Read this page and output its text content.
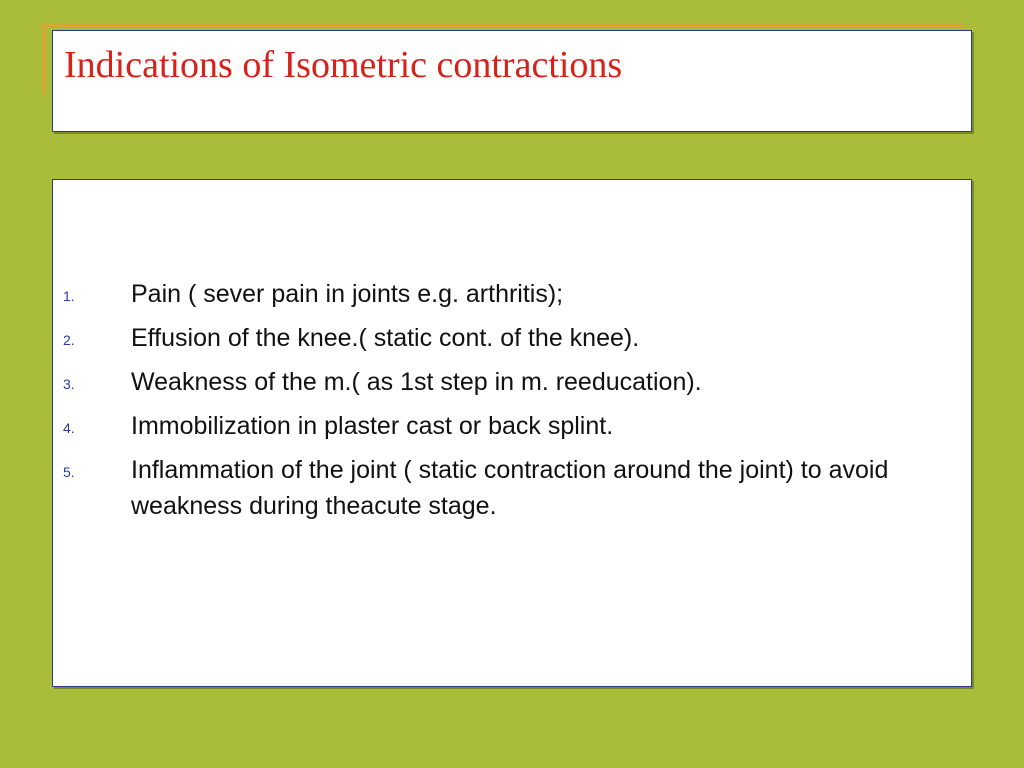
Indications of Isometric contractions
1. Pain ( sever pain in joints e.g. arthritis);
2. Effusion of the knee.( static cont. of the knee).
3. Weakness of the m.( as 1st step in m. reeducation).
4. Immobilization in plaster cast or back splint.
5. Inflammation of the joint ( static contraction around the joint) to avoid weakness during theacute stage.
